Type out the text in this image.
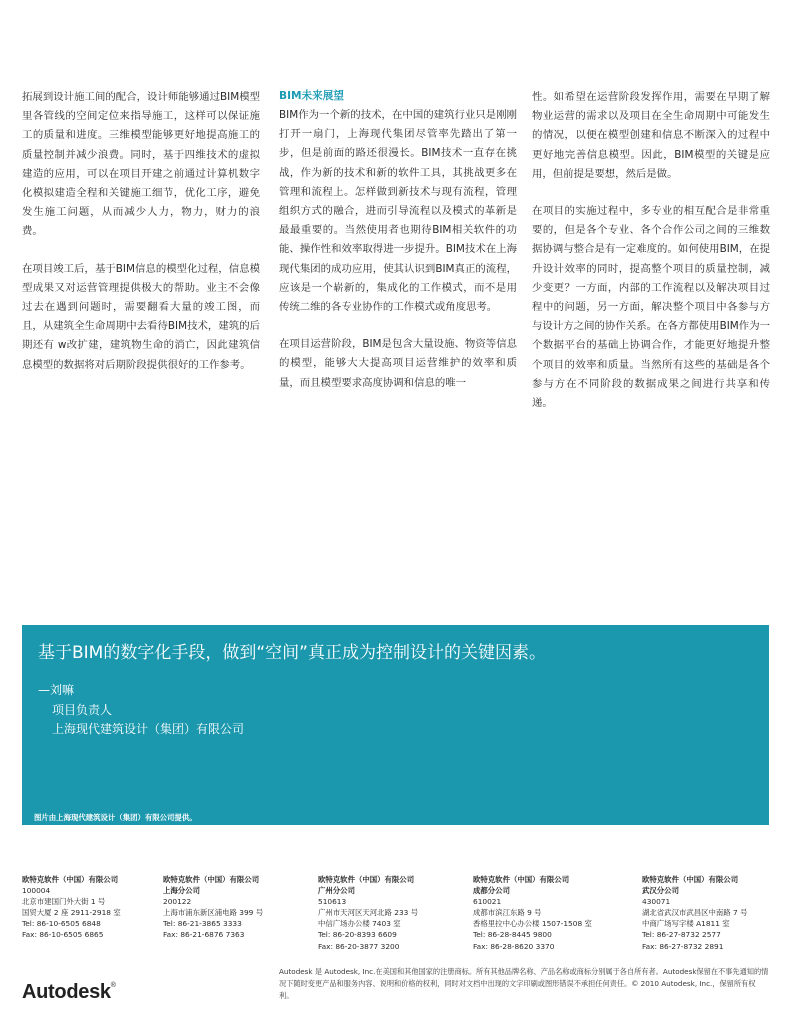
拓展到设计施工间的配合，设计师能够通过BIM模型里各管线的空间定位来指导施工，这样可以保证施工的质量和进度。三维模型能够更好地提高施工的质量控制并减少浪费。同时，基于四维技术的虚拟建造的应用，可以在项目开建之前通过计算机数字化模拟建造全程和关键施工细节，优化工序，避免发生施工问题，从而减少人力，物力，财力的浪费。

在项目竣工后，基于BIM信息的模型化过程，信息模型成果又对运营管理提供极大的帮助。业主不会像过去在遇到问题时，需要翻看大量的竣工图，而且，从建筑全生命周期中去看待BIM技术，建筑的后期还有 w改扩建，建筑物生命的消亡，因此建筑信息模型的数据将对后期阶段提供很好的工作参考。

BIM未来展望

BIM作为一个新的技术，在中国的建筑行业只是刚刚打开一扇门，上海现代集团尽管率先踏出了第一步，但是前面的路还很漫长。BIM技术一直存在挑战，作为新的技术和新的软件工具，其挑战更多在管理和流程上。怎样做到新技术与现有流程，管理组织方式的融合，进而引导流程以及模式的革新是最最重要的。当然使用者也期待BIM相关软件的功能、操作性和效率取得进一步提升。BIM技术在上海现代集团的成功应用，使其认识到BIM真正的流程，应该是一个崭新的，集成化的工作模式，而不是用传统二维的各专业协作的工作模式或角度思考。

在项目运营阶段，BIM是包含大量设施、物资等信息的模型，能够大大提高项目运营维护的效率和质量，而且模型要求高度协调和信息的唯一

性。如希望在运营阶段发挥作用，需要在早期了解物业运营的需求以及项目在全生命周期中可能发生的情况，以便在模型创建和信息不断深入的过程中更好地完善信息模型。因此，BIM模型的关键是应用，但前提是要想，然后是做。

在项目的实施过程中，多专业的相互配合是非常重要的，但是各个专业、各个合作公司之间的三维数据协调与整合是有一定难度的。如何使用BIM，在提升设计效率的同时，提高整个项目的质量控制，减少变更？一方面，内部的工作流程以及解决项目过程中的问题，另一方面，解决整个项目中各参与方与设计方之间的协作关系。在各方都使用BIM作为一个数据平台的基础上协调合作，才能更好地提升整个项目的效率和质量。当然所有这些的基础是各个参与方在不同阶段的数据成果之间进行共享和传递。

基于BIM的数字化手段，做到“空间”真正成为控制设计的关键因素。
—刘嘛
项目负责人
上海现代建筑设计（集团）有限公司
图片由上海现代建筑设计（集团）有限公司提供。
欧特克软件（中国）有限公司
100004
北京市建国门外大街 1 号
国贸大厦 2 座 2911-2918 室
Tel: 86-10-6505 6848
Fax: 86-10-6505 6865
欧特克软件（中国）有限公司
上海分公司
200122
上海市浦东新区浦电路 399 号
Tel: 86-21-3865 3333
Fax: 86-21-6876 7363
欧特克软件（中国）有限公司
广州分公司
510613
广州市天河区天河北路 233 号
中信广场办公楼 7403 室
Tel: 86-20-8393 6609
Fax: 86-20-3877 3200
欧特克软件（中国）有限公司
成都分公司
610021
成都市滨江东路 9 号
香格里拉中心办公楼 1507-1508 室
Tel: 86-28-8445 9800
Fax: 86-28-8620 3370
欧特克软件（中国）有限公司
武汉分公司
430071
湖北省武汉市武昌区中南路 7 号
中商广场写字楼 A1811 室
Tel: 86-27-8732 2577
Fax: 86-27-8732 2891
Autodesk®
Autodesk 是 Autodesk, Inc.在美国和其他国家的注册商标。所有其他品牌名称、产品名称或商标分别属于各自所有者。Autodesk保留在不事先通知的情况下随时变更产品和服务内容、说明和价格的权利，同时对文档中出现的文字印刷或图形错误不承担任何责任。© 2010 Autodesk, Inc.，保留所有权利。
